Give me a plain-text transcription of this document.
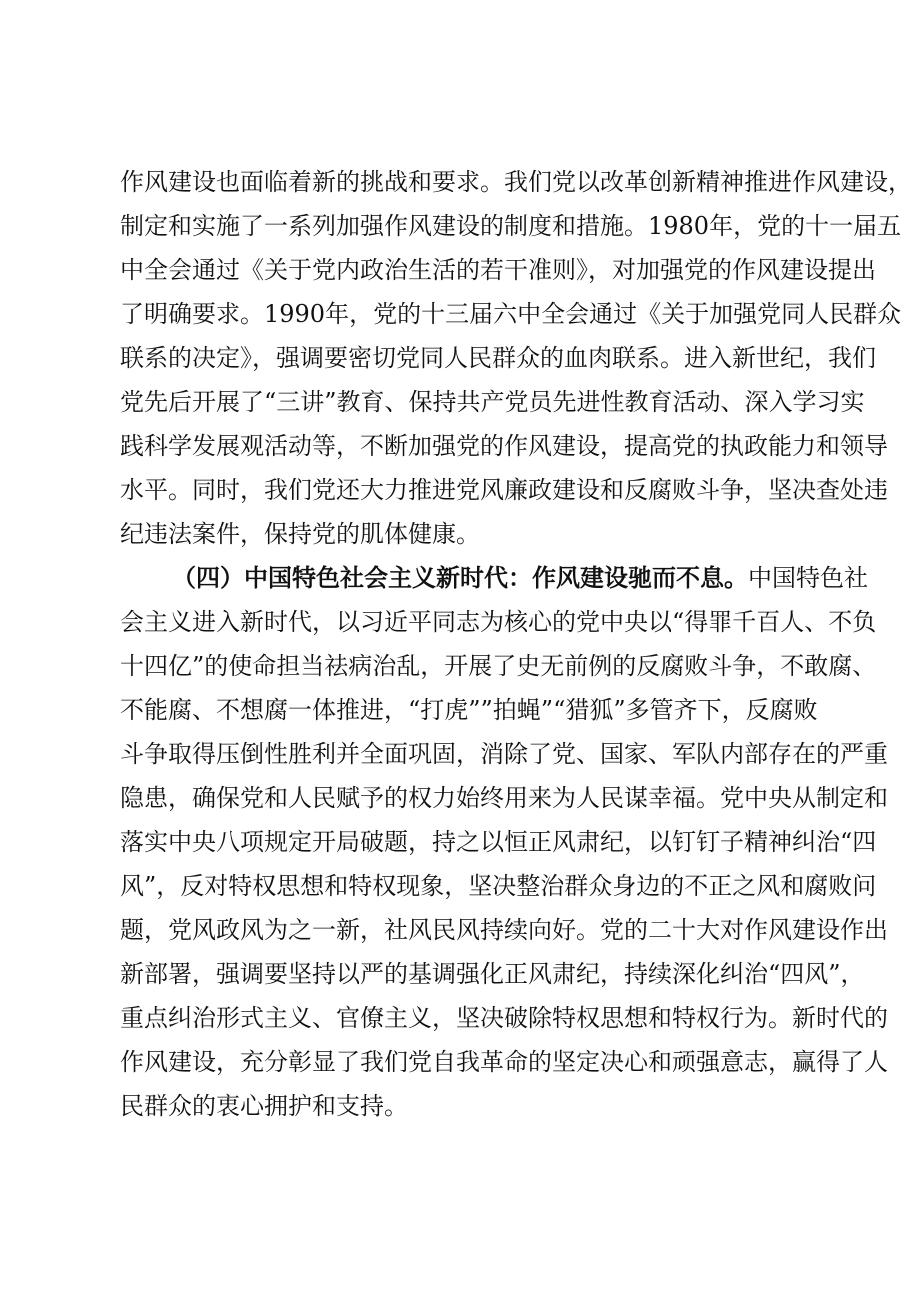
作风建设也面临着新的挑战和要求。我们党以改革创新精神推进作风建设，
制定和实施了一系列加强作风建设的制度和措施。1980年，党的十一届五
中全会通过《关于党内政治生活的若干准则》，对加强党的作风建设提出
了明确要求。1990年，党的十三届六中全会通过《关于加强党同人民群众
联系的决定》，强调要密切党同人民群众的血肉联系。进入新世纪，我们
党先后开展了“三讲”教育、保持共产党员先进性教育活动、深入学习实
践科学发展观活动等，不断加强党的作风建设，提高党的执政能力和领导
水平。同时，我们党还大力推进党风廉政建设和反腐败斗争，坚决查处违
纪违法案件，保持党的肌体健康。
（四）中国特色社会主义新时代：作风建设驰而不息。中国特色社
会主义进入新时代，以习近平同志为核心的党中央以“得罪千百人、不负
十四亿”的使命担当祛病治乱，开展了史无前例的反腐败斗争，不敢腐、
不能腐、不想腐一体推进，“打虎””拍蝇”“猎狐”多管齐下，反腐败
斗争取得压倒性胜利并全面巩固，消除了党、国家、军队内部存在的严重
隐患，确保党和人民赋予的权力始终用来为人民谋幸福。党中央从制定和
落实中央八项规定开局破题，持之以恒正风肃纪，以钉钉子精神纠治“四
风”，反对特权思想和特权现象，坚决整治群众身边的不正之风和腐败问
题，党风政风为之一新，社风民风持续向好。党的二十大对作风建设作出
新部署，强调要坚持以严的基调强化正风肃纪，持续深化纠治“四风”，
重点纠治形式主义、官僚主义，坚决破除特权思想和特权行为。新时代的
作风建设，充分彰显了我们党自我革命的坚定决心和顽强意志，赢得了人
民群众的衷心拥护和支持。
